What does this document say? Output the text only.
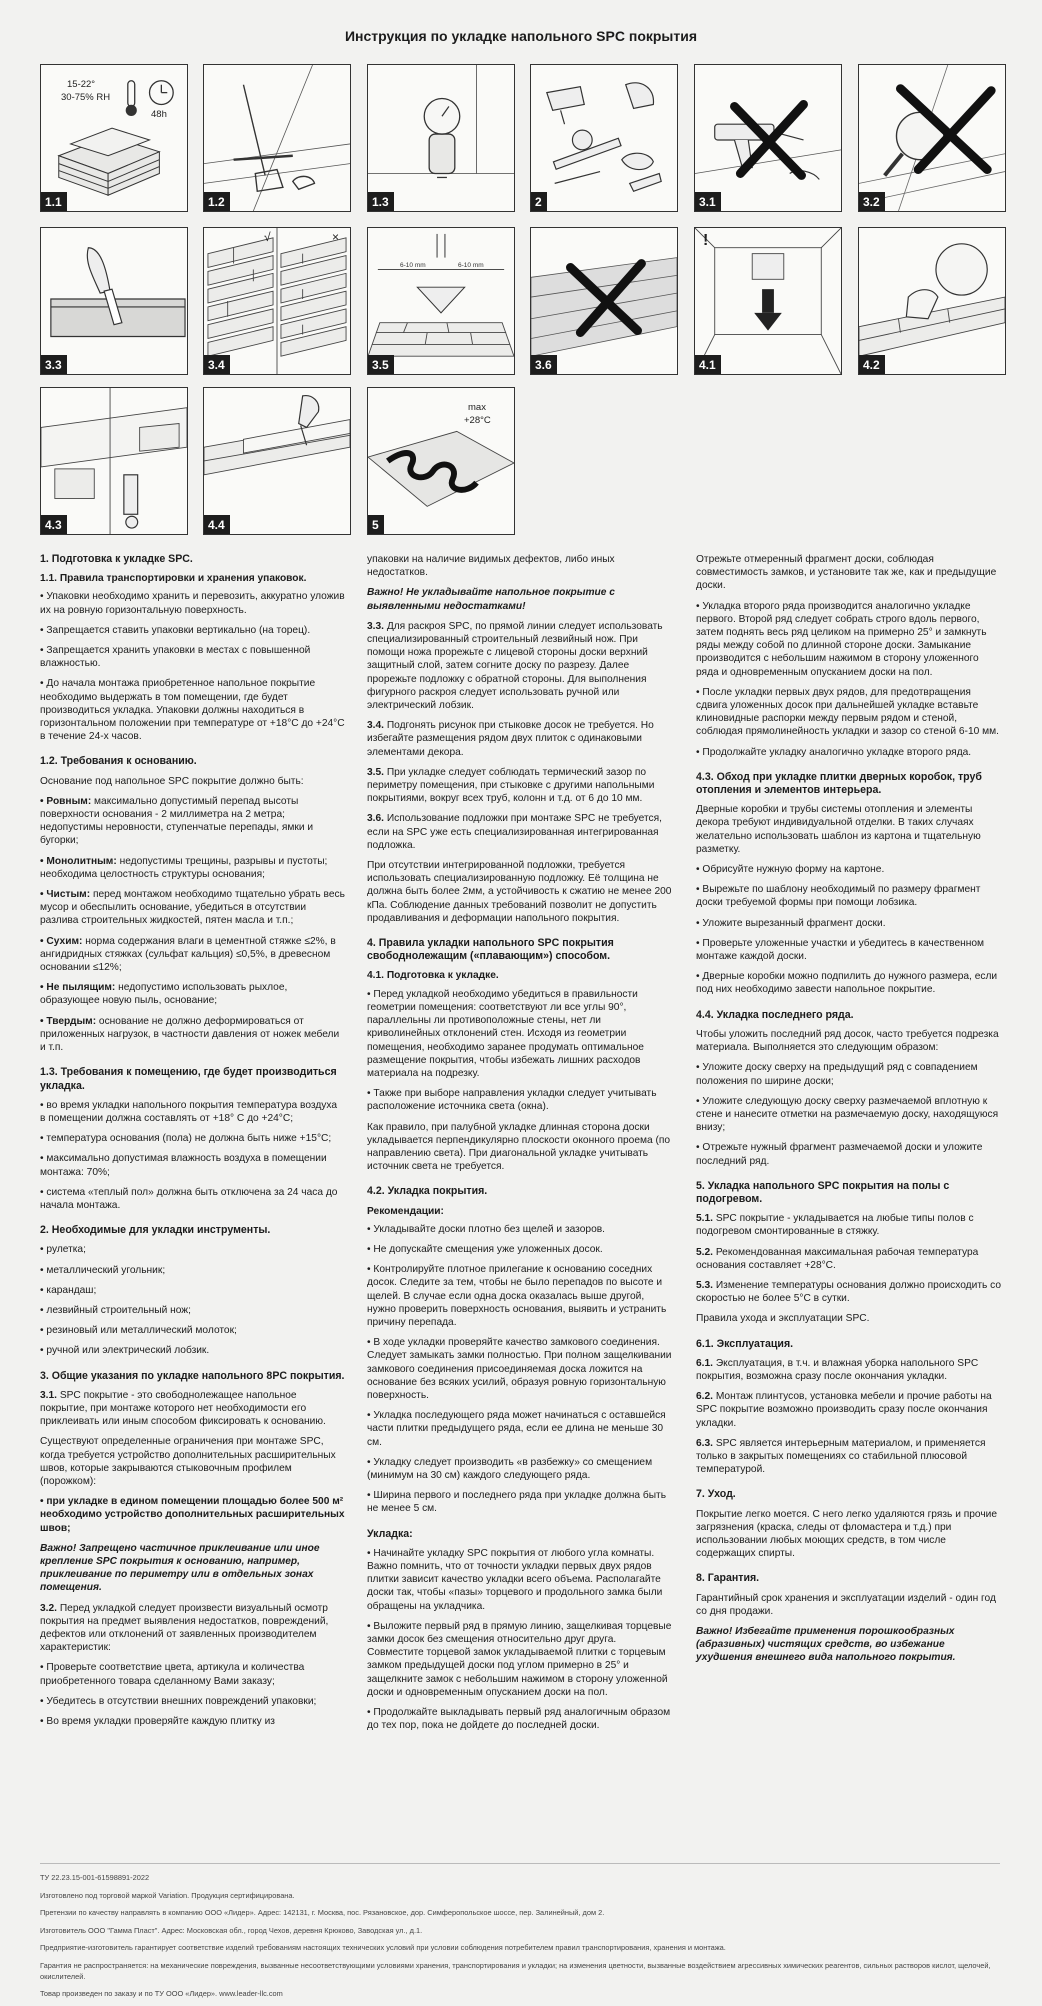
Инструкция по укладке напольного SPC покрытия
15-22°
30-75% RH
48h
1.1	1.2	1.3	2	3.1	3.2
3.3
√	×
3.4
6-10 mm	6-10 mm
3.5	3.6
!
4.1	4.2
4.3	4.4
max
+28°C
5

1. Подготовка к укладке SPC.

1.1. Правила транспортировки и хранения упаковок.

• Упаковки необходимо хранить и перевозить, аккуратно уложив их на ровную горизонтальную поверхность.

• Запрещается ставить упаковки вертикально (на торец).

• Запрещается хранить упаковки в местах с повышенной влажностью.

• До начала монтажа приобретенное напольное покрытие необходимо выдержать в том помещении, где будет производиться укладка. Упаковки должны находиться в горизонтальном положении при температуре от +18°С до +24°С в течение 24-х часов.

1.2. Требования к основанию.

Основание под напольное SPC покрытие должно быть:

• Ровным: максимально допустимый перепад высоты поверхности основания - 2 миллиметра на 2 метра; недопустимы неровности, ступенчатые перепады, ямки и бугорки;

• Монолитным: недопустимы трещины, разрывы и пустоты; необходима целостность структуры основания;

• Чистым: перед монтажом необходимо тщательно убрать весь мусор и обеспылить основание, убедиться в отсутствии разлива строительных жидкостей, пятен масла и т.п.;

• Сухим: норма содержания влаги в цементной стяжке ≤2%, в ангидридных стяжках (сульфат кальция) ≤0,5%, в древесном основании ≤12%;

• Не пылящим: недопустимо использовать рыхлое, образующее новую пыль, основание;

• Твердым: основание не должно деформироваться от приложенных нагрузок, в частности давления от ножек мебели и т.п.

1.3. Требования к помещению, где будет производиться укладка.

• во время укладки напольного покрытия температура воздуха в помещении должна составлять от +18° С до +24°С;

• температура основания (пола) не должна быть ниже +15°С;

• максимально допустимая влажность воздуха в помещении монтажа: 70%;

• система «теплый пол» должна быть отключена за 24 часа до начала монтажа.

2. Необходимые для укладки инструменты.

• рулетка;

• металлический угольник;

• карандаш;

• лезвийный строительный нож;

• резиновый или металлический молоток;

• ручной или электрический лобзик.

3. Общие указания по укладке напольного 8PC покрытия.

3.1. SPC покрытие - это свободнолежащее напольное покрытие, при монтаже которого нет необходимости его приклеивать или иным способом фиксировать к основанию.

Существуют определенные ограничения при монтаже SPC, когда требуется устройство дополнительных расширительных швов, которые закрываются стыковочным профилем (порожком):

• при укладке в едином помещении площадью более 500 м² необходимо устройство дополнительных расширительных швов;

Важно! Запрещено частичное приклеивание или иное крепление SPC покрытия к основанию, например, приклеивание по периметру или в отдельных зонах помещения.

3.2. Перед укладкой следует произвести визуальный осмотр покрытия на предмет выявления недостатков, повреждений, дефектов или отклонений от заявленных производителем характеристик:

• Проверьте соответствие цвета, артикула и количества приобретенного товара сделанному Вами заказу;

• Убедитесь в отсутствии внешних повреждений упаковки;

• Во время укладки проверяйте каждую плитку из

упаковки на наличие видимых дефектов, либо иных недостатков.

Важно! Не укладывайте напольное покрытие с выявленными недостатками!

3.3. Для раскроя SPC, по прямой линии следует использовать специализированный строительный лезвийный нож. При помощи ножа прорежьте с лицевой стороны доски верхний защитный слой, затем согните доску по разрезу. Далее прорежьте подложку с обратной стороны. Для выполнения фигурного раскроя следует использовать ручной или электрический лобзик.

3.4. Подгонять рисунок при стыковке досок не требуется. Но избегайте размещения рядом двух плиток с одинаковыми элементами декора.

3.5. При укладке следует соблюдать термический зазор по периметру помещения, при стыковке с другими напольными покрытиями, вокруг всех труб, колонн и т.д. от 6 до 10 мм.

3.6. Использование подложки при монтаже SPC не требуется, если на SPC уже есть специализированная интегрированная подложка.

При отсутствии интегрированной подложки, требуется использовать специализированную подложку. Её толщина не должна быть более 2мм, а устойчивость к сжатию не менее 200 кПа. Соблюдение данных требований позволит не допустить продавливания и деформации напольного покрытия.

4. Правила укладки напольного SPC покрытия свободнолежащим («плавающим») способом.

4.1. Подготовка к укладке.

• Перед укладкой необходимо убедиться в правильности геометрии помещения: соответствуют ли все углы 90°, параллельны ли противоположные стены, нет ли криволинейных отклонений стен. Исходя из геометрии помещения, необходимо заранее продумать оптимальное размещение покрытия, чтобы избежать лишних расходов материала на подрезку.

• Также при выборе направления укладки следует учитывать расположение источника света (окна).

Как правило, при палубной укладке длинная сторона доски укладывается перпендикулярно плоскости оконного проема (по направлению света). При диагональной укладке учитывать источник света не требуется.

4.2. Укладка покрытия.

Рекомендации:

• Укладывайте доски плотно без щелей и зазоров.

• Не допускайте смещения уже уложенных досок.

• Контролируйте плотное прилегание к основанию соседних досок. Следите за тем, чтобы не было перепадов по высоте и щелей. В случае если одна доска оказалась выше другой, нужно проверить поверхность основания, выявить и устранить причину перепада.

• В ходе укладки проверяйте качество замкового соединения. Следует замыкать замки полностью. При полном защелкивании замкового соединения присоединяемая доска ложится на основание без всяких усилий, образуя ровную горизонтальную поверхность.

• Укладка последующего ряда может начинаться с оставшейся части плитки предыдущего ряда, если ее длина не меньше 30 см.

• Укладку следует производить «в разбежку» со смещением (минимум на 30 см) каждого следующего ряда.

• Ширина первого и последнего ряда при укладке должна быть не менее 5 см.

Укладка:

• Начинайте укладку SPC покрытия от любого угла комнаты. Важно помнить, что от точности укладки первых двух рядов плитки зависит качество укладки всего объема. Располагайте доски так, чтобы «пазы» торцевого и продольного замка были обращены на укладчика.

• Выложите первый ряд в прямую линию, защелкивая торцевые замки досок без смещения относительно друг друга. Совместите торцевой замок укладываемой плитки с торцевым замком предыдущей доски под углом примерно в 25° и защелкните замок с небольшим нажимом в сторону уложенной доски и одновременным опусканием доски на пол.

• Продолжайте выкладывать первый ряд аналогичным образом до тех пор, пока не дойдете до последней доски.

Отрежьте отмеренный фрагмент доски, соблюдая совместимость замков, и установите так же, как и предыдущие доски.

• Укладка второго ряда производится аналогично укладке первого. Второй ряд следует собрать строго вдоль первого, затем поднять весь ряд целиком на примерно 25° и замкнуть ряды между собой по длинной стороне доски. Замыкание производится с небольшим нажимом в сторону уложенного ряда и одновременным опусканием доски на пол.

• После укладки первых двух рядов, для предотвращения сдвига уложенных досок при дальнейшей укладке вставьте клиновидные распорки между первым рядом и стеной, соблюдая прямолинейность укладки и зазор со стеной 6-10 мм.

• Продолжайте укладку аналогично укладке второго ряда.

4.3. Обход при укладке плитки дверных коробок, труб отопления и элементов интерьера.

Дверные коробки и трубы системы отопления и элементы декора требуют индивидуальной отделки. В таких случаях желательно использовать шаблон из картона и тщательную разметку.

• Обрисуйте нужную форму на картоне.

• Вырежьте по шаблону необходимый по размеру фрагмент доски требуемой формы при помощи лобзика.

• Уложите вырезанный фрагмент доски.

• Проверьте уложенные участки и убедитесь в качественном монтаже каждой доски.

• Дверные коробки можно подпилить до нужного размера, если под них необходимо завести напольное покрытие.

4.4. Укладка последнего ряда.

Чтобы уложить последний ряд досок, часто требуется подрезка материала. Выполняется это следующим образом:

• Уложите доску сверху на предыдущий ряд с совпадением положения по ширине доски;

• Уложите следующую доску сверху размечаемой вплотную к стене и нанесите отметки на размечаемую доску, находящуюся внизу;

• Отрежьте нужный фрагмент размечаемой доски и уложите последний ряд.

5. Укладка напольного SPC покрытия на полы с подогревом.

5.1. SPC покрытие - укладывается на любые типы полов с подогревом смонтированные в стяжку.

5.2. Рекомендованная максимальная рабочая температура основания составляет +28°С.

5.3. Изменение температуры основания должно происходить со скоростью не более 5°С в сутки.

Правила ухода и эксплуатации SPC.

6.1. Эксплуатация.

6.1. Эксплуатация, в т.ч. и влажная уборка напольного SPC покрытия, возможна сразу после окончания укладки.

6.2. Монтаж плинтусов, установка мебели и прочие работы на SPC покрытие возможно производить сразу после окончания укладки.

6.3. SPC является интерьерным материалом, и применяется только в закрытых помещениях со стабильной плюсовой температурой.

7. Уход.

Покрытие легко моется. С него легко удаляются грязь и прочие загрязнения (краска, следы от фломастера и т.д.) при использовании любых моющих средств, в том числе содержащих спирты.

8. Гарантия.

Гарантийный срок хранения и эксплуатации изделий - один год со дня продажи.

Важно! Избегайте применения порошкообразных (абразивных) чистящих средств, во избежание ухудшения внешнего вида напольного покрытия.

ТУ 22.23.15-001-61598891-2022

Изготовлено под торговой маркой Variation. Продукция сертифицирована.

Претензии по качеству направлять в компанию ООО «Лидер». Адрес: 142131, г. Москва, пос. Рязановское, дор. Симферопольское шоссе, пер. Залинейный, дом 2.

Изготовитель ООО "Гамма Пласт". Адрес: Московская обл., город Чехов, деревня Крюково, Заводская ул., д.1.

Предприятие-изготовитель гарантирует соответствие изделий требованиям настоящих технических условий при условии соблюдения потребителем правил транспортирования, хранения и монтажа.

Гарантия не распространяется: на механические повреждения, вызванные несоответствующими условиями хранения, транспортирования и укладки; на изменения цветности, вызванные воздействием агрессивных химических реагентов, сильных растворов кислот, щелочей, окислителей.

Товар произведен по заказу и по ТУ ООО «Лидер». www.leader-llc.com
